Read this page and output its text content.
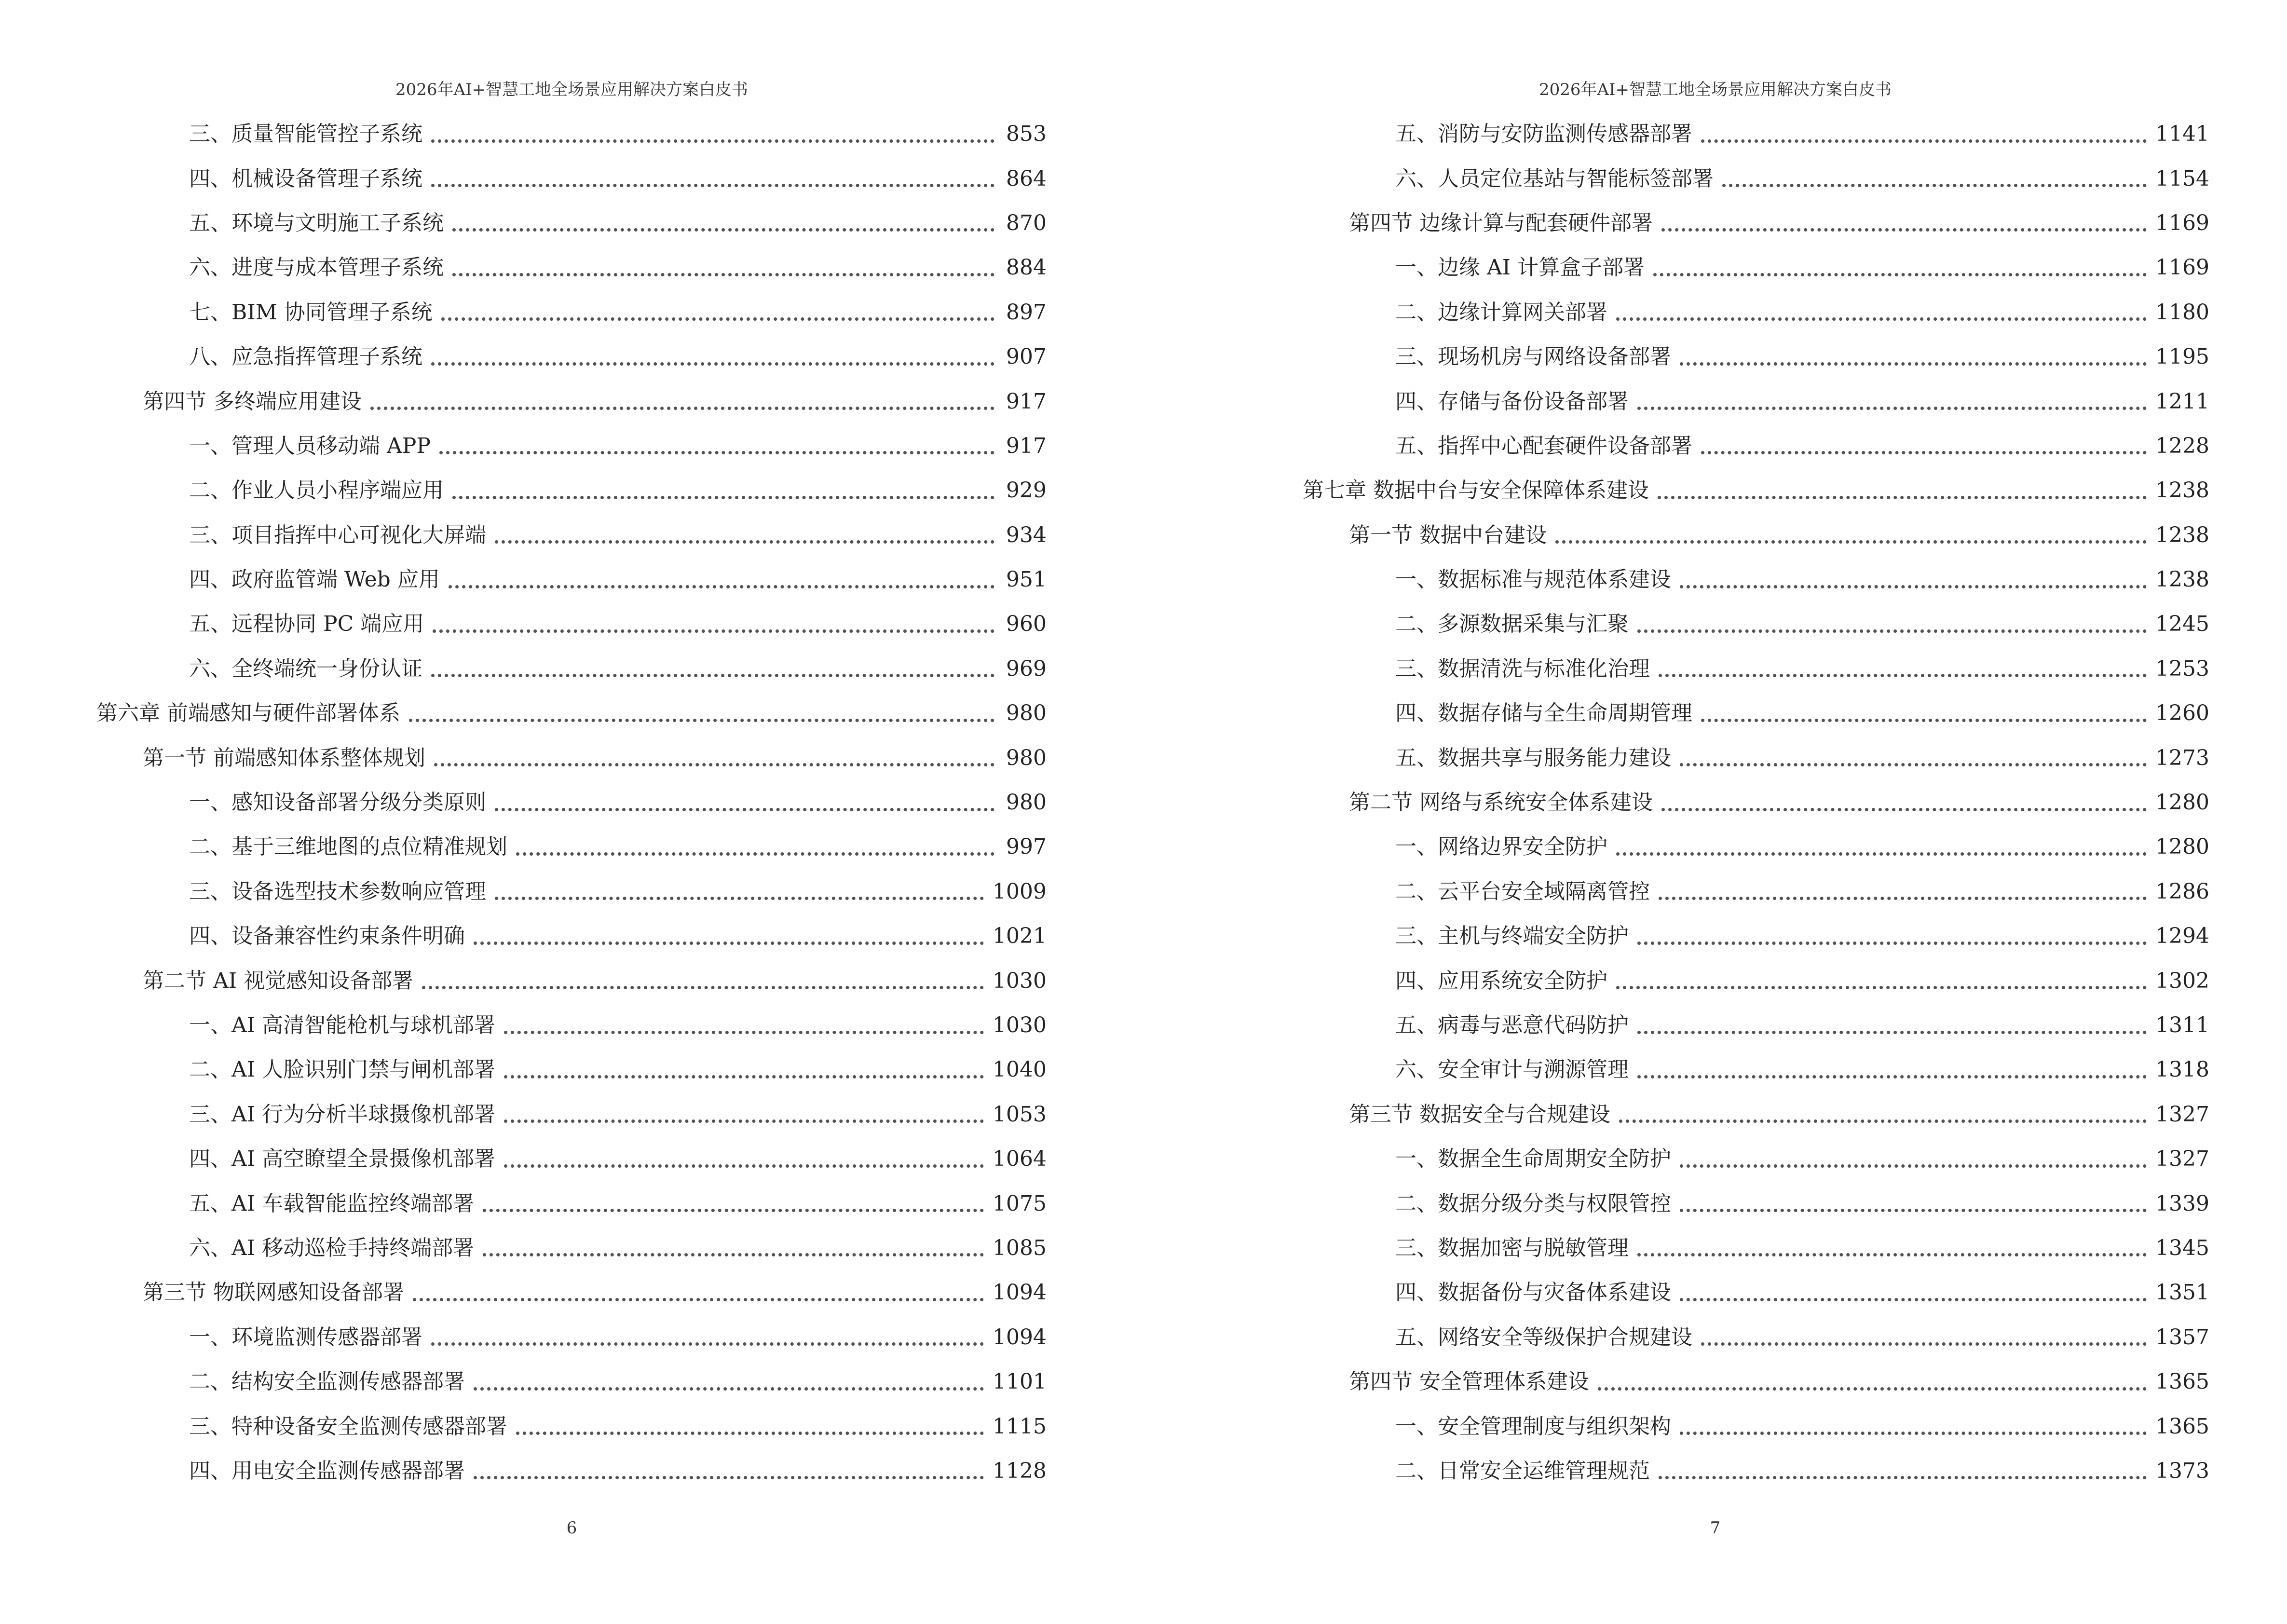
2026年AI+智慧工地全场景应用解决方案白皮书
三、质量智能管控子系统	853
四、机械设备管理子系统	864
五、环境与文明施工子系统	870
六、进度与成本管理子系统	884
七、BIM 协同管理子系统	897
八、应急指挥管理子系统	907
第四节 多终端应用建设	917
一、管理人员移动端 APP	917
二、作业人员小程序端应用	929
三、项目指挥中心可视化大屏端	934
四、政府监管端 Web 应用	951
五、远程协同 PC 端应用	960
六、全终端统一身份认证	969
第六章 前端感知与硬件部署体系	980
第一节 前端感知体系整体规划	980
一、感知设备部署分级分类原则	980
二、基于三维地图的点位精准规划	997
三、设备选型技术参数响应管理	1009
四、设备兼容性约束条件明确	1021
第二节 AI 视觉感知设备部署	1030
一、AI 高清智能枪机与球机部署	1030
二、AI 人脸识别门禁与闸机部署	1040
三、AI 行为分析半球摄像机部署	1053
四、AI 高空瞭望全景摄像机部署	1064
五、AI 车载智能监控终端部署	1075
六、AI 移动巡检手持终端部署	1085
第三节 物联网感知设备部署	1094
一、环境监测传感器部署	1094
二、结构安全监测传感器部署	1101
三、特种设备安全监测传感器部署	1115
四、用电安全监测传感器部署	1128
6
2026年AI+智慧工地全场景应用解决方案白皮书
五、消防与安防监测传感器部署	1141
六、人员定位基站与智能标签部署	1154
第四节 边缘计算与配套硬件部署	1169
一、边缘 AI 计算盒子部署	1169
二、边缘计算网关部署	1180
三、现场机房与网络设备部署	1195
四、存储与备份设备部署	1211
五、指挥中心配套硬件设备部署	1228
第七章 数据中台与安全保障体系建设	1238
第一节 数据中台建设	1238
一、数据标准与规范体系建设	1238
二、多源数据采集与汇聚	1245
三、数据清洗与标准化治理	1253
四、数据存储与全生命周期管理	1260
五、数据共享与服务能力建设	1273
第二节 网络与系统安全体系建设	1280
一、网络边界安全防护	1280
二、云平台安全域隔离管控	1286
三、主机与终端安全防护	1294
四、应用系统安全防护	1302
五、病毒与恶意代码防护	1311
六、安全审计与溯源管理	1318
第三节 数据安全与合规建设	1327
一、数据全生命周期安全防护	1327
二、数据分级分类与权限管控	1339
三、数据加密与脱敏管理	1345
四、数据备份与灾备体系建设	1351
五、网络安全等级保护合规建设	1357
第四节 安全管理体系建设	1365
一、安全管理制度与组织架构	1365
二、日常安全运维管理规范	1373
7
